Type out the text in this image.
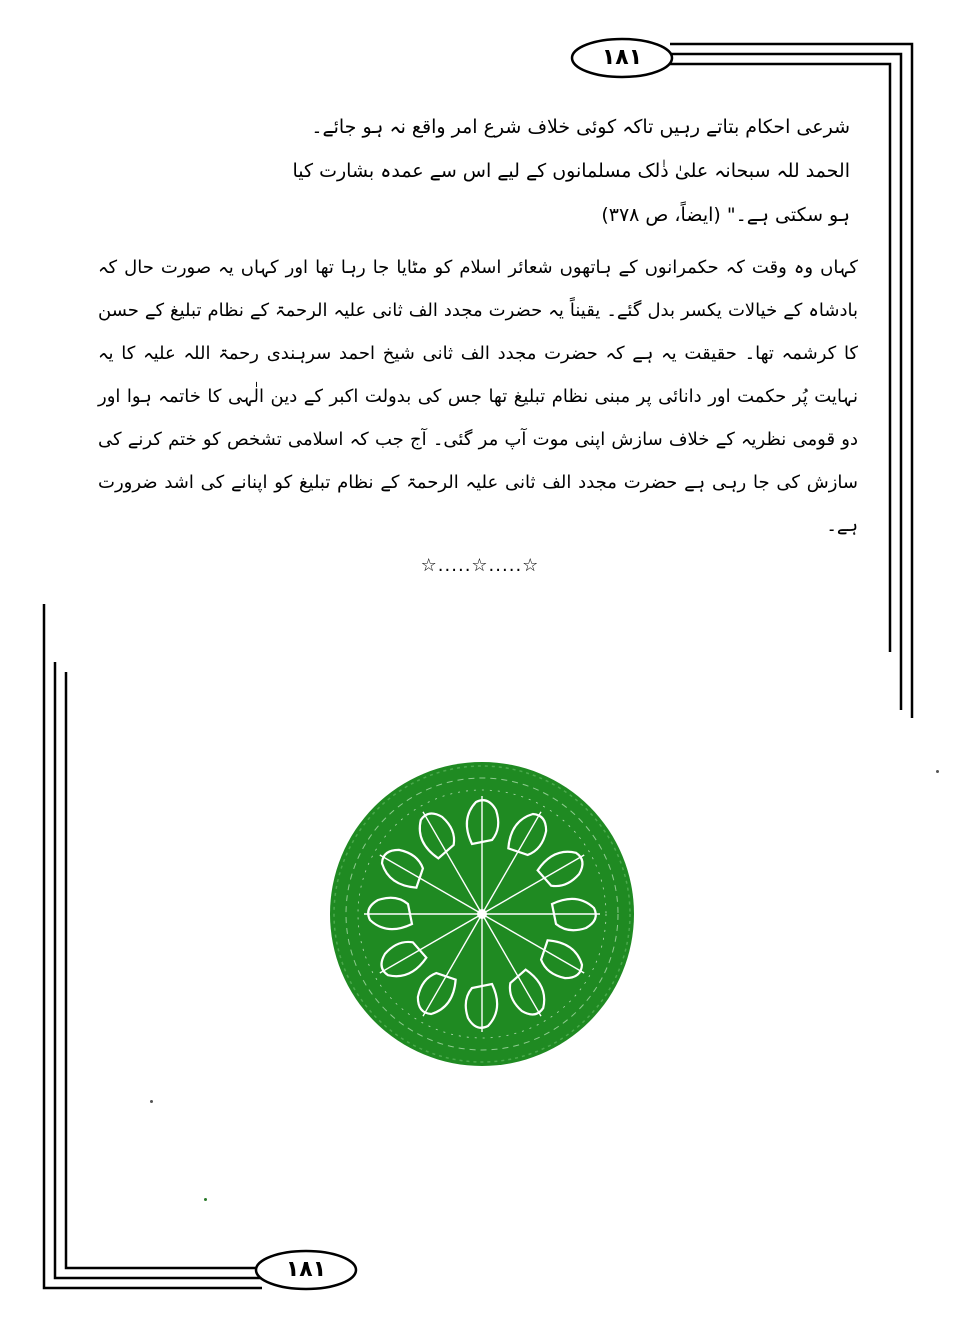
۱۸۱
۱۸۱
شرعی احکام بتاتے رہیں تاکہ کوئی خلاف شرع امر واقع نہ ہو جائے۔
الحمد للہ سبحانہ علیٰ ذٰلک مسلمانوں کے لیے اس سے عمدہ بشارت کیا
ہو سکتی ہے۔" (ایضاً، ص ۳۷۸)
کہاں وہ وقت کہ حکمرانوں کے ہاتھوں شعائر اسلام کو مٹایا جا رہا تھا اور کہاں یہ صورت حال کہ بادشاہ کے خیالات یکسر بدل گئے۔ یقیناً یہ حضرت مجدد الف ثانی علیہ الرحمۃ کے نظام تبلیغ کے حسن کا کرشمہ تھا۔ حقیقت یہ ہے کہ حضرت مجدد الف ثانی شیخ احمد سرہندی رحمۃ اللہ علیہ کا یہ نہایت پُر حکمت اور دانائی پر مبنی نظام تبلیغ تھا جس کی بدولت اکبر کے دین الٰہی کا خاتمہ ہوا اور دو قومی نظریہ کے خلاف سازش اپنی موت آپ مر گئی۔ آج جب کہ اسلامی تشخص کو ختم کرنے کی سازش کی جا رہی ہے حضرت مجدد الف ثانی علیہ الرحمۃ کے نظام تبلیغ کو اپنانے کی اشد ضرورت ہے۔
☆.....☆.....☆
